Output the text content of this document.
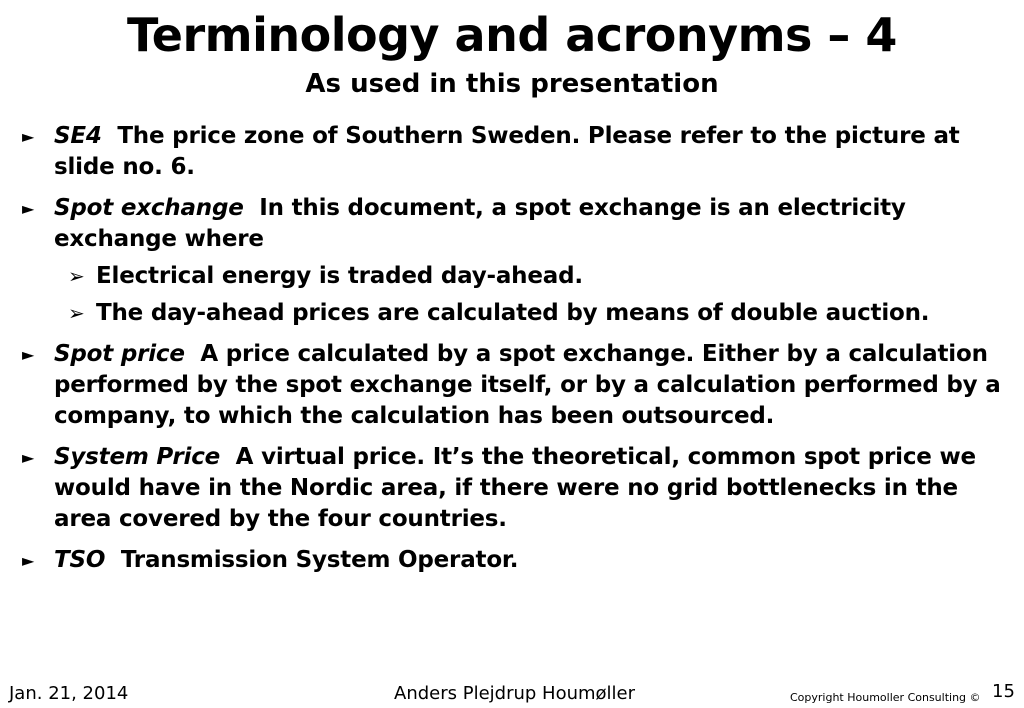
Terminology and acronyms – 4
As used in this presentation
► SE4 The price zone of Southern Sweden. Please refer to the picture at slide no. 6.
► Spot exchange In this document, a spot exchange is an electricity exchange where
➢ Electrical energy is traded day-ahead.
➢ The day-ahead prices are calculated by means of double auction.
► Spot price A price calculated by a spot exchange. Either by a calculation performed by the spot exchange itself, or by a calculation performed by a company, to which the calculation has been outsourced.
► System Price A virtual price. It’s the theoretical, common spot price we would have in the Nordic area, if there were no grid bottlenecks in the area covered by the four countries.
► TSO Transmission System Operator.
Jan. 21, 2014	Anders Plejdrup Houmøller	Copyright Houmoller Consulting © 15
